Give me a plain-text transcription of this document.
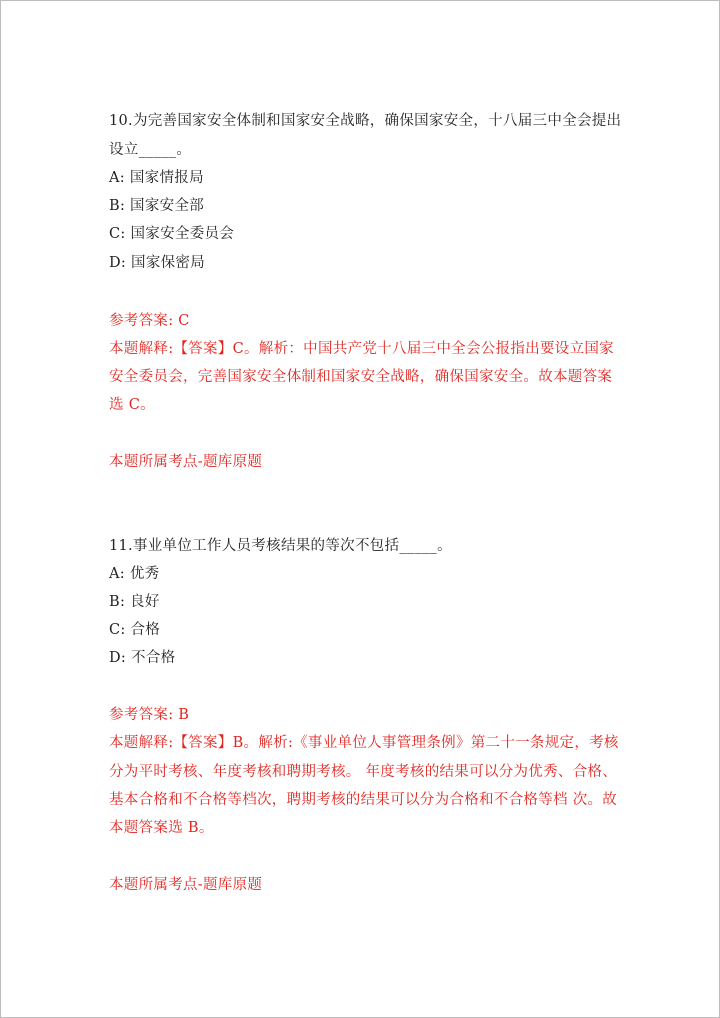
10.为完善国家安全体制和国家安全战略，确保国家安全，十八届三中全会提出
设立_____。
A: 国家情报局
B: 国家安全部
C: 国家安全委员会
D: 国家保密局
参考答案: C
本题解释:【答案】C。解析：中国共产党十八届三中全会公报指出要设立国家
安全委员会，完善国家安全体制和国家安全战略，确保国家安全。故本题答案
选 C。
本题所属考点-题库原题
11.事业单位工作人员考核结果的等次不包括_____。
A: 优秀
B: 良好
C: 合格
D: 不合格
参考答案: B
本题解释:【答案】B。解析:《事业单位人事管理条例》第二十一条规定，考核
分为平时考核、年度考核和聘期考核。 年度考核的结果可以分为优秀、合格、
基本合格和不合格等档次，聘期考核的结果可以分为合格和不合格等档 次。故
本题答案选 B。
本题所属考点-题库原题
